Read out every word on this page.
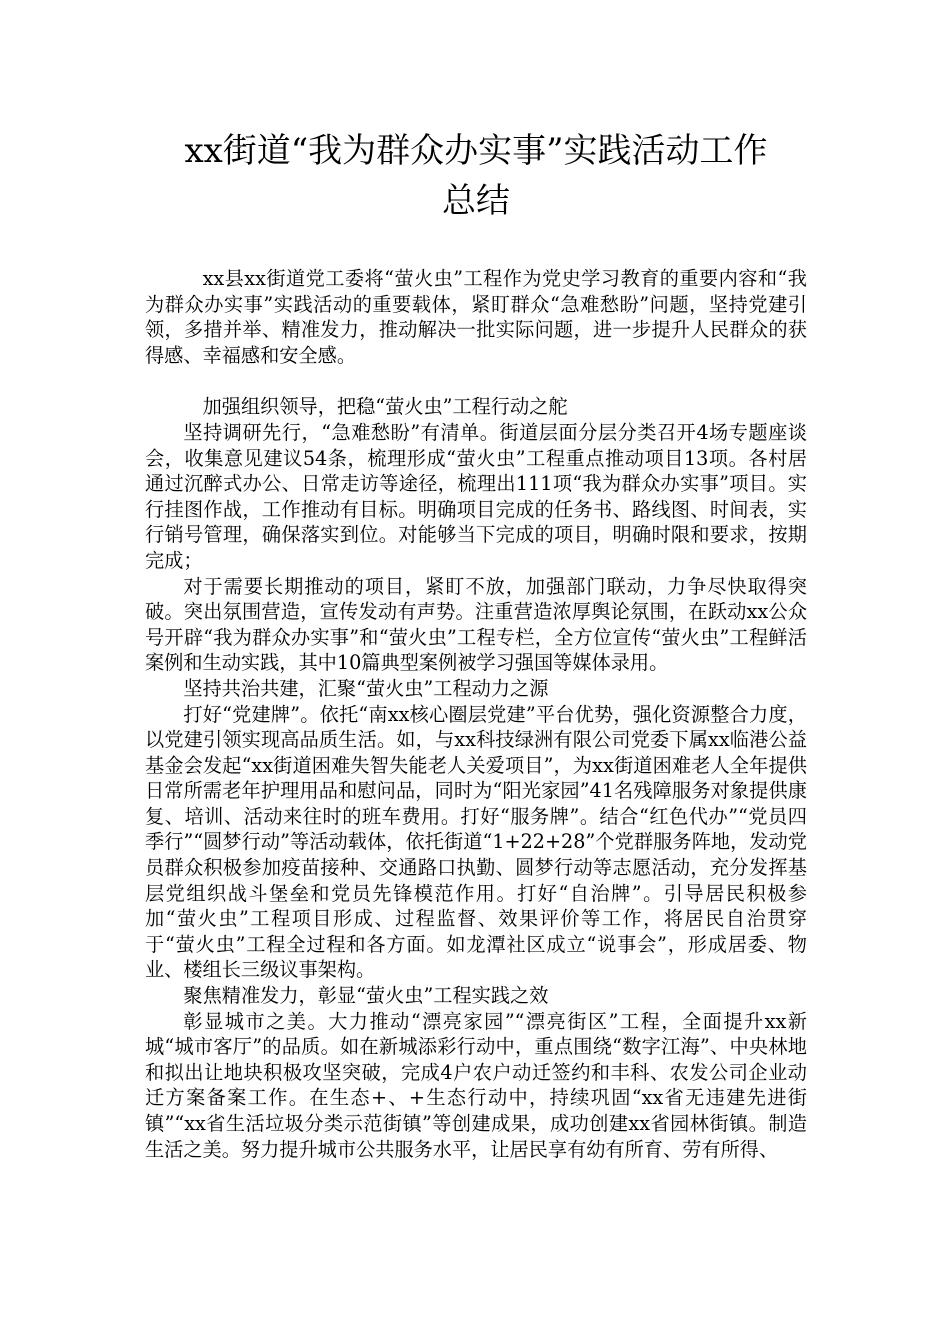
xx街道“我为群众办实事”实践活动工作
总结

xx县xx街道党工委将“萤火虫”工程作为党史学习教育的重要内容和“我为群众办实事”实践活动的重要载体，紧盯群众“急难愁盼”问题，坚持党建引领，多措并举、精准发力，推动解决一批实际问题，进一步提升人民群众的获得感、幸福感和安全感。

加强组织领导，把稳“萤火虫”工程行动之舵

坚持调研先行，“急难愁盼”有清单。街道层面分层分类召开4场专题座谈会，收集意见建议54条，梳理形成“萤火虫”工程重点推动项目13项。各村居通过沉醉式办公、日常走访等途径，梳理出111项“我为群众办实事”项目。实行挂图作战，工作推动有目标。明确项目完成的任务书、路线图、时间表，实行销号管理，确保落实到位。对能够当下完成的项目，明确时限和要求，按期完成；

对于需要长期推动的项目，紧盯不放，加强部门联动，力争尽快取得突破。突出氛围营造，宣传发动有声势。注重营造浓厚舆论氛围，在跃动xx公众号开辟“我为群众办实事”和“萤火虫”工程专栏，全方位宣传“萤火虫”工程鲜活案例和生动实践，其中10篇典型案例被学习强国等媒体录用。

坚持共治共建，汇聚“萤火虫”工程动力之源

打好“党建牌”。依托“南xx核心圈层党建”平台优势，强化资源整合力度，以党建引领实现高品质生活。如，与xx科技绿洲有限公司党委下属xx临港公益基金会发起“xx街道困难失智失能老人关爱项目”，为xx街道困难老人全年提供日常所需老年护理用品和慰问品，同时为“阳光家园”41名残障服务对象提供康复、培训、活动来往时的班车费用。打好“服务牌”。结合“红色代办”“党员四季行”“圆梦行动”等活动载体，依托街道“1+22+28”个党群服务阵地，发动党员群众积极参加疫苗接种、交通路口执勤、圆梦行动等志愿活动，充分发挥基层党组织战斗堡垒和党员先锋模范作用。打好“自治牌”。引导居民积极参加“萤火虫”工程项目形成、过程监督、效果评价等工作，将居民自治贯穿于“萤火虫”工程全过程和各方面。如龙潭社区成立“说事会”，形成居委、物业、楼组长三级议事架构。

聚焦精准发力，彰显“萤火虫”工程实践之效

彰显城市之美。大力推动“漂亮家园”“漂亮街区”工程，全面提升xx新城“城市客厅”的品质。如在新城添彩行动中，重点围绕“数字江海”、中央林地和拟出让地块积极攻坚突破，完成4户农户动迁签约和丰科、农发公司企业动迁方案备案工作。在生态+、+生态行动中，持续巩固“xx省无违建先进街镇”“xx省生活垃圾分类示范街镇”等创建成果，成功创建xx省园林街镇。制造生活之美。努力提升城市公共服务水平，让居民享有幼有所育、劳有所得、
